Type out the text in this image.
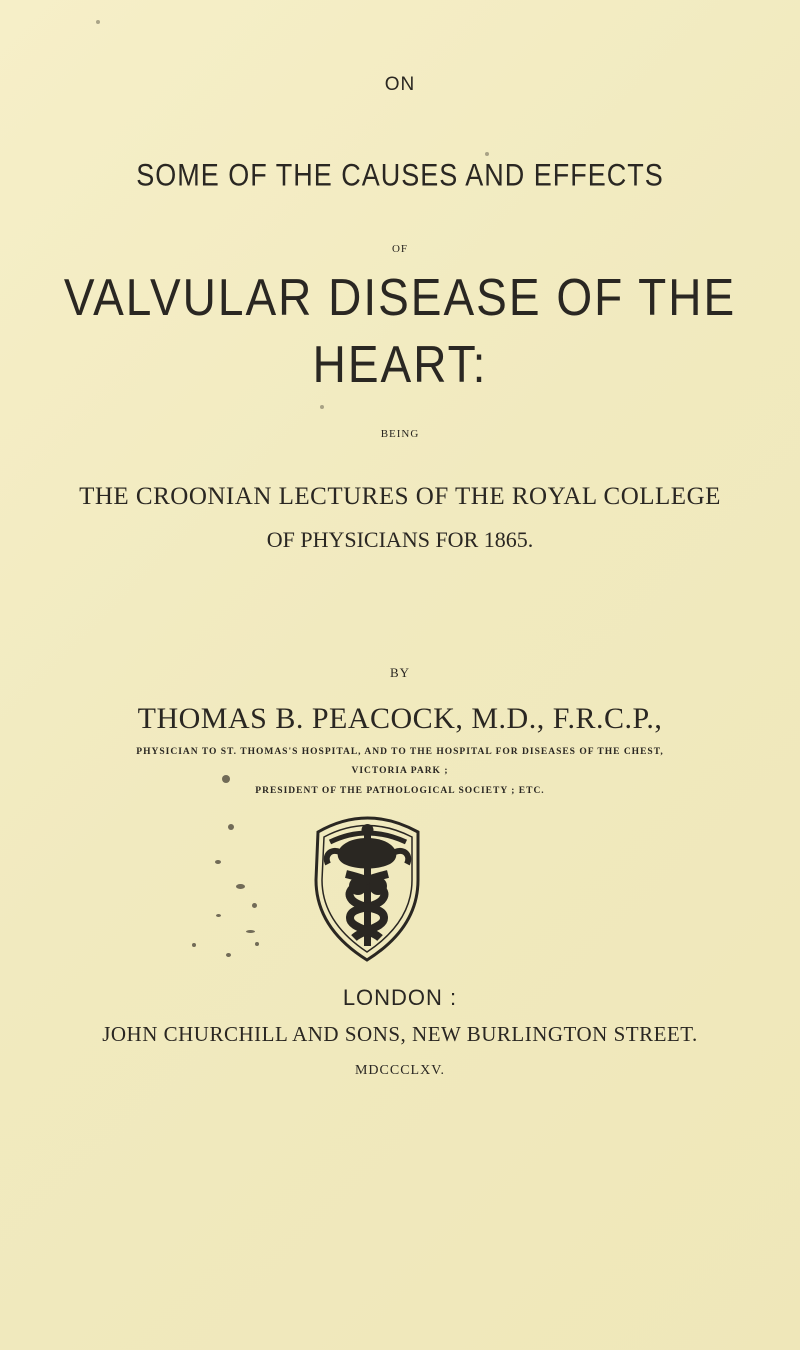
ON
SOME OF THE CAUSES AND EFFECTS
OF
VALVULAR DISEASE OF THE
HEART:
BEING
THE CROONIAN LECTURES OF THE ROYAL COLLEGE
OF PHYSICIANS FOR 1865.
BY
THOMAS B. PEACOCK, M.D., F.R.C.P.,
PHYSICIAN TO ST. THOMAS'S HOSPITAL, AND TO THE HOSPITAL FOR DISEASES OF THE CHEST,
VICTORIA PARK ;
PRESIDENT OF THE PATHOLOGICAL SOCIETY ; ETC.
LONDON :
JOHN CHURCHILL AND SONS, NEW BURLINGTON STREET.
MDCCCLXV.
